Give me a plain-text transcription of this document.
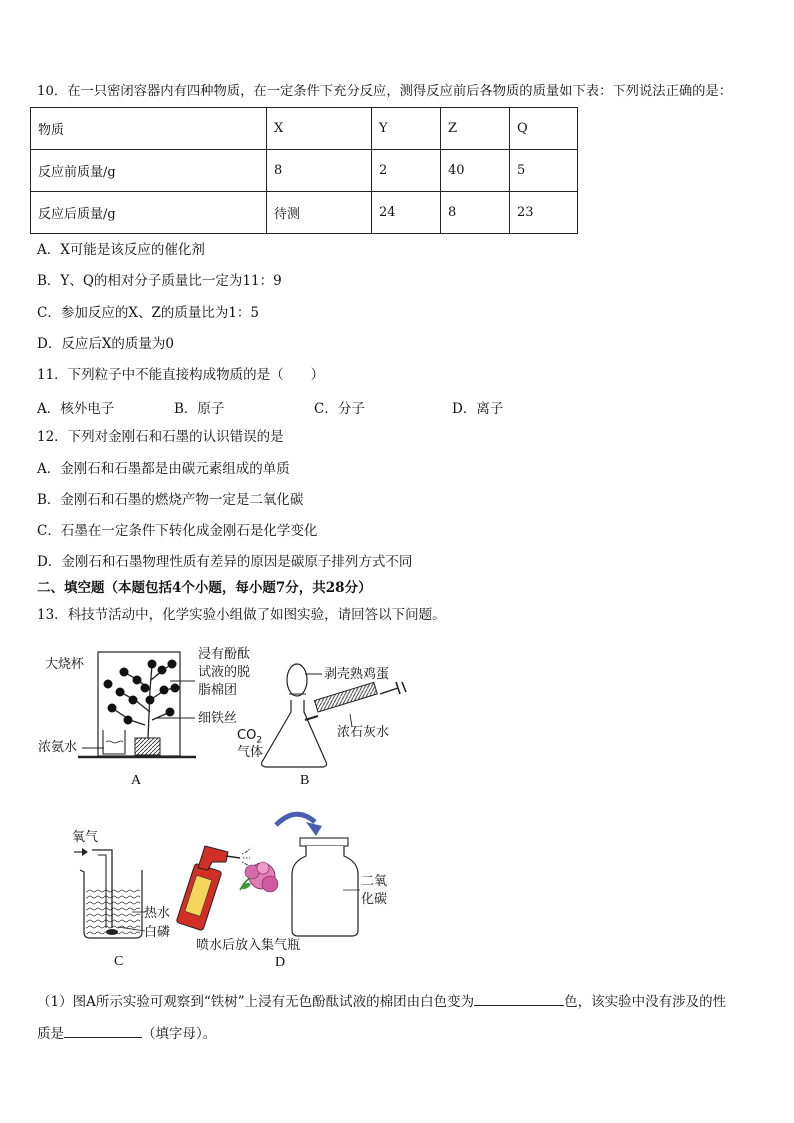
10．在一只密闭容器内有四种物质，在一定条件下充分反应，测得反应前后各物质的质量如下表：下列说法正确的是：
物质	X	Y	Z	Q
反应前质量/g	8	2	40	5
反应后质量/g	待测	24	8	23
A．X可能是该反应的催化剂
B．Y、Q的相对分子质量比一定为11：9
C．参加反应的X、Z的质量比为1：5
D．反应后X的质量为0
11．下列粒子中不能直接构成物质的是（　　）
A．核外电子	B．原子	C．分子	D．离子
12．下列对金刚石和石墨的认识错误的是
A．金刚石和石墨都是由碳元素组成的单质
B．金刚石和石墨的燃烧产物一定是二氧化碳
C．石墨在一定条件下转化成金刚石是化学变化
D．金刚石和石墨物理性质有差异的原因是碳原子排列方式不同
二、填空题（本题包括4个小题，每小题7分，共28分）
13．科技节活动中，化学实验小组做了如图实验，请回答以下问题。
大烧杯
浸有酚酞
试液的脱
脂棉团
细铁丝
浓氨水
A
剥壳熟鸡蛋
浓石灰水
$CO_2$
气体
B
氧气
热水
白磷
C
二氧
化碳
喷水后放入集气瓶
D
（1）图A所示实验可观察到“铁树”上浸有无色酚酞试液的棉团由白色变为	色，该实验中没有涉及的性
质是	（填字母）。
